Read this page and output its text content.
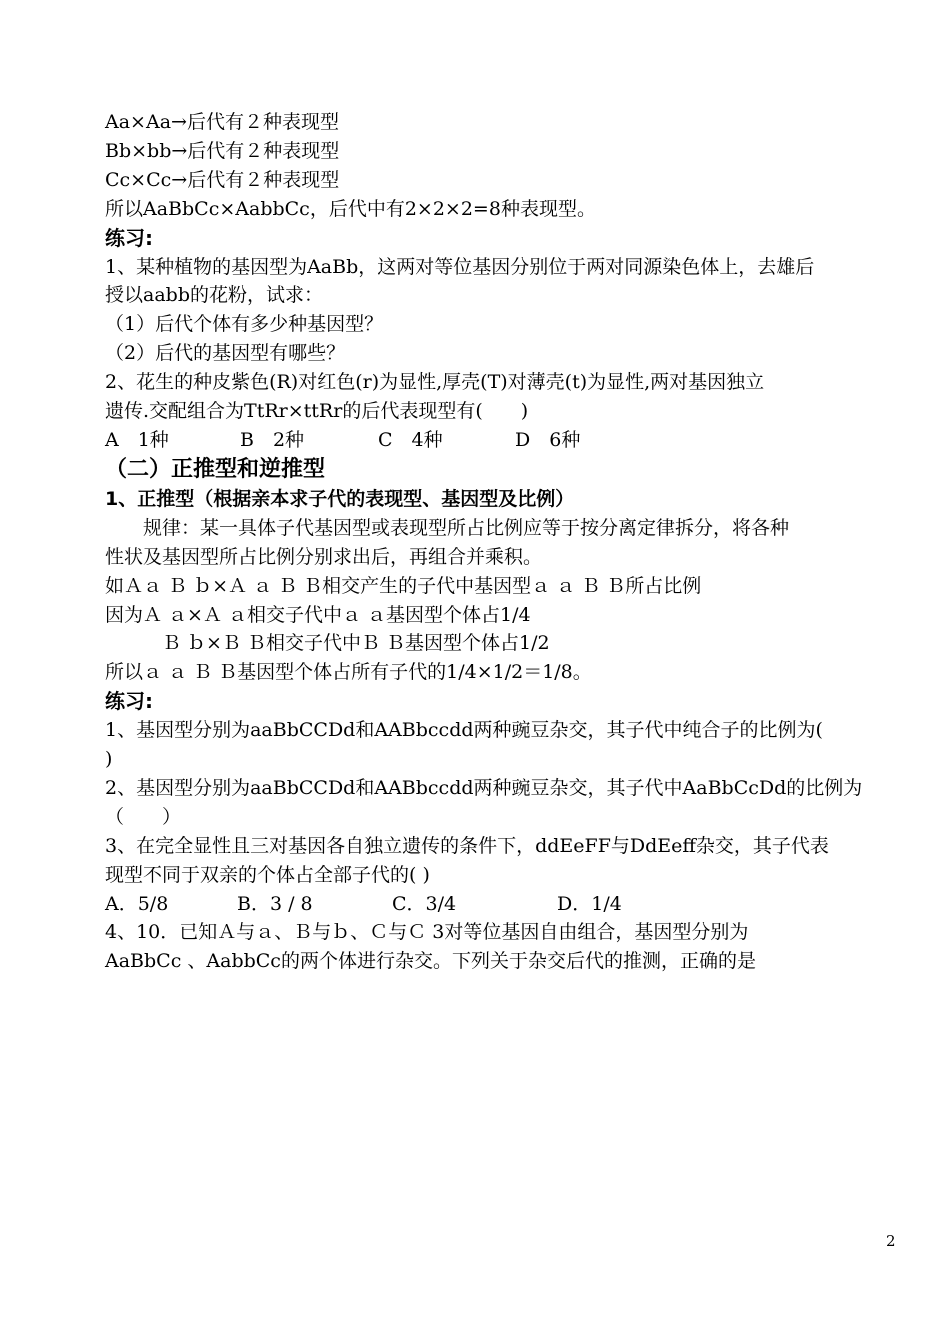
Aa×Aa→后代有２种表现型

Bb×bb→后代有２种表现型

Cc×Cc→后代有２种表现型

所以AaBbCc×AabbCc，后代中有2×2×2=8种表现型。

练习:

1、某种植物的基因型为AaBb，这两对等位基因分别位于两对同源染色体上，去雄后

授以aabb的花粉，试求：

（1）后代个体有多少种基因型？

（2）后代的基因型有哪些？

2、花生的种皮紫色(R)对红色(r)为显性,厚壳(T)对薄壳(t)为显性,两对基因独立

遗传.交配组合为TtRr×ttRr的后代表现型有(　　)

A　1种	B　2种	C　4种	D　6种

（二）正推型和逆推型

1、正推型（根据亲本求子代的表现型、基因型及比例）

　　规律：某一具体子代基因型或表现型所占比例应等于按分离定律拆分，将各种

性状及基因型所占比例分别求出后，再组合并乘积。

如Ａａ Ｂ ｂ×Ａ ａ Ｂ Ｂ相交产生的子代中基因型ａ ａ Ｂ Ｂ所占比例

因为Ａ ａ×Ａ ａ相交子代中ａ ａ基因型个体占1/4

　　　Ｂ ｂ×Ｂ Ｂ相交子代中Ｂ Ｂ基因型个体占1/2

所以ａ ａ Ｂ Ｂ基因型个体占所有子代的1/4×1/2＝1/8。

练习:

1、基因型分别为aaBbCCDd和AABbccdd两种豌豆杂交，其子代中纯合子的比例为(

)

2、基因型分别为aaBbCCDd和AABbccdd两种豌豆杂交，其子代中AaBbCcDd的比例为

（　　）

3、在完全显性且三对基因各自独立遗传的条件下，ddEeFF与DdEeff杂交，其子代表

现型不同于双亲的个体占全部子代的( )

A．5/8	B．3 / 8	C．3/4	D．1/4

4、10．已知Ａ与ａ、Ｂ与ｂ、Ｃ与Ｃ 3对等位基因自由组合，基因型分别为

AaBbCc 、AabbCc的两个体进行杂交。下列关于杂交后代的推测，正确的是

2
